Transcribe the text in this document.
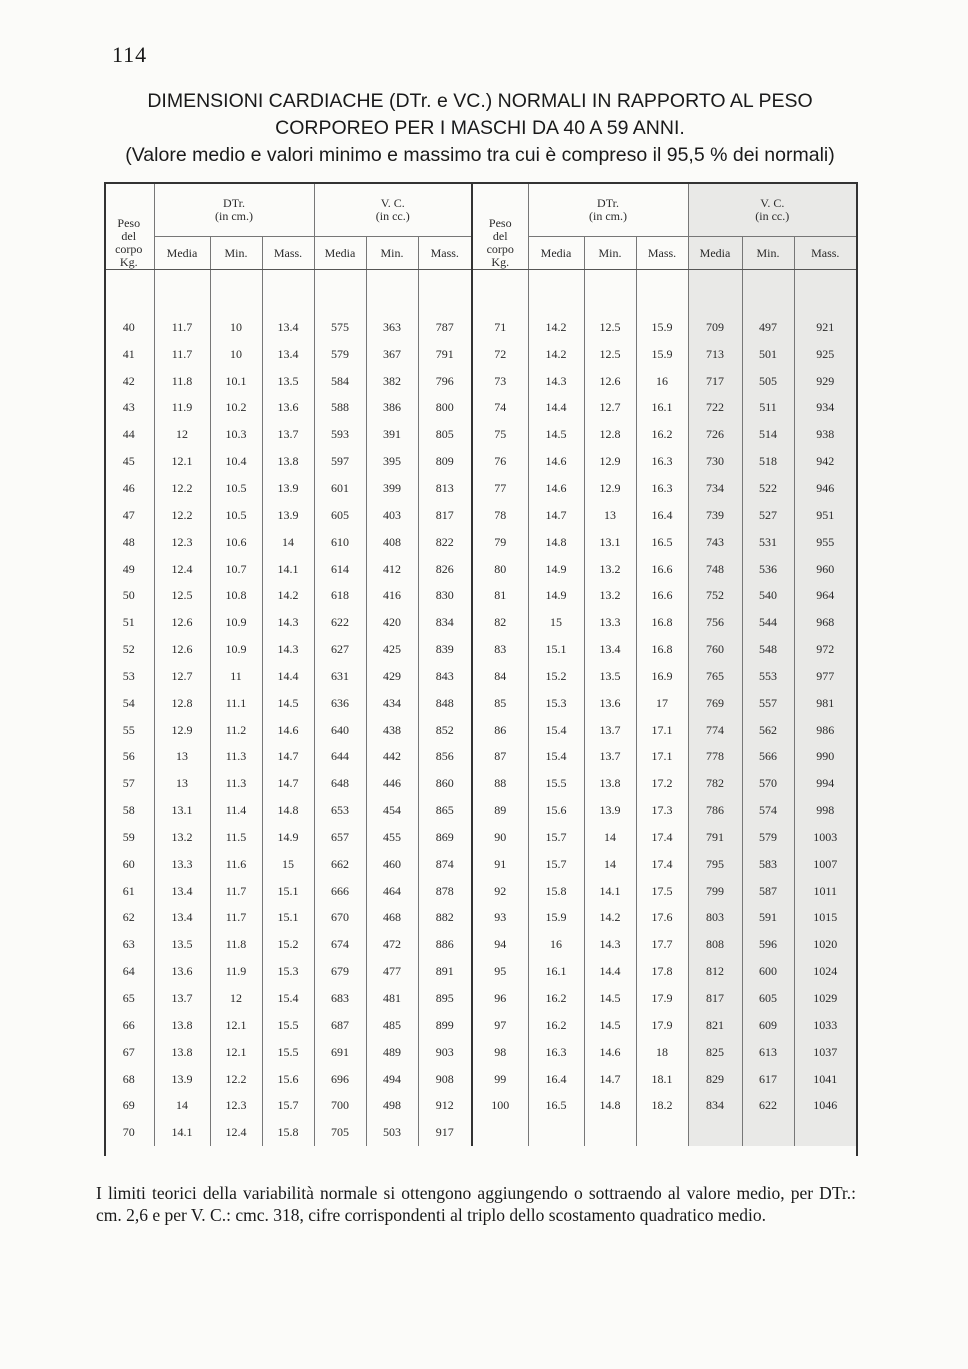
114
DIMENSIONI CARDIACHE (DTr. e VC.) NORMALI IN RAPPORTO AL PESO
CORPOREO PER I MASCHI DA 40 A 59 ANNI.
(Valore medio e valori minimo e massimo tra cui è compreso il 95,5 % dei normali)
Peso
del
corpo
Kg.	DTr.
(in cm.)			V. C.
(in cc.)			Peso
del
corpo
Kg.	DTr.
(in cm.)			V. C.
(in cc.)		
	Media	Min.	Mass.	Media	Min.	Mass.		Media	Min.	Mass.	Media	Min.	Mass.

40	11.7	10	13.4	575	363	787	71	14.2	12.5	15.9	709	497	921
41	11.7	10	13.4	579	367	791	72	14.2	12.5	15.9	713	501	925
42	11.8	10.1	13.5	584	382	796	73	14.3	12.6	16	717	505	929
43	11.9	10.2	13.6	588	386	800	74	14.4	12.7	16.1	722	511	934
44	12	10.3	13.7	593	391	805	75	14.5	12.8	16.2	726	514	938
45	12.1	10.4	13.8	597	395	809	76	14.6	12.9	16.3	730	518	942
46	12.2	10.5	13.9	601	399	813	77	14.6	12.9	16.3	734	522	946
47	12.2	10.5	13.9	605	403	817	78	14.7	13	16.4	739	527	951
48	12.3	10.6	14	610	408	822	79	14.8	13.1	16.5	743	531	955
49	12.4	10.7	14.1	614	412	826	80	14.9	13.2	16.6	748	536	960
50	12.5	10.8	14.2	618	416	830	81	14.9	13.2	16.6	752	540	964
51	12.6	10.9	14.3	622	420	834	82	15	13.3	16.8	756	544	968
52	12.6	10.9	14.3	627	425	839	83	15.1	13.4	16.8	760	548	972
53	12.7	11	14.4	631	429	843	84	15.2	13.5	16.9	765	553	977
54	12.8	11.1	14.5	636	434	848	85	15.3	13.6	17	769	557	981
55	12.9	11.2	14.6	640	438	852	86	15.4	13.7	17.1	774	562	986
56	13	11.3	14.7	644	442	856	87	15.4	13.7	17.1	778	566	990
57	13	11.3	14.7	648	446	860	88	15.5	13.8	17.2	782	570	994
58	13.1	11.4	14.8	653	454	865	89	15.6	13.9	17.3	786	574	998
59	13.2	11.5	14.9	657	455	869	90	15.7	14	17.4	791	579	1003
60	13.3	11.6	15	662	460	874	91	15.7	14	17.4	795	583	1007
61	13.4	11.7	15.1	666	464	878	92	15.8	14.1	17.5	799	587	1011
62	13.4	11.7	15.1	670	468	882	93	15.9	14.2	17.6	803	591	1015
63	13.5	11.8	15.2	674	472	886	94	16	14.3	17.7	808	596	1020
64	13.6	11.9	15.3	679	477	891	95	16.1	14.4	17.8	812	600	1024
65	13.7	12	15.4	683	481	895	96	16.2	14.5	17.9	817	605	1029
66	13.8	12.1	15.5	687	485	899	97	16.2	14.5	17.9	821	609	1033
67	13.8	12.1	15.5	691	489	903	98	16.3	14.6	18	825	613	1037
68	13.9	12.2	15.6	696	494	908	99	16.4	14.7	18.1	829	617	1041
69	14	12.3	15.7	700	498	912	100	16.5	14.8	18.2	834	622	1046
70	14.1	12.4	15.8	705	503	917							
I limiti teorici della variabilità normale si ottengono aggiungendo o sottraendo al valore medio, per DTr.: cm. 2,6 e per V. C.: cmc. 318, cifre corrispondenti al triplo dello scostamento quadratico medio.
